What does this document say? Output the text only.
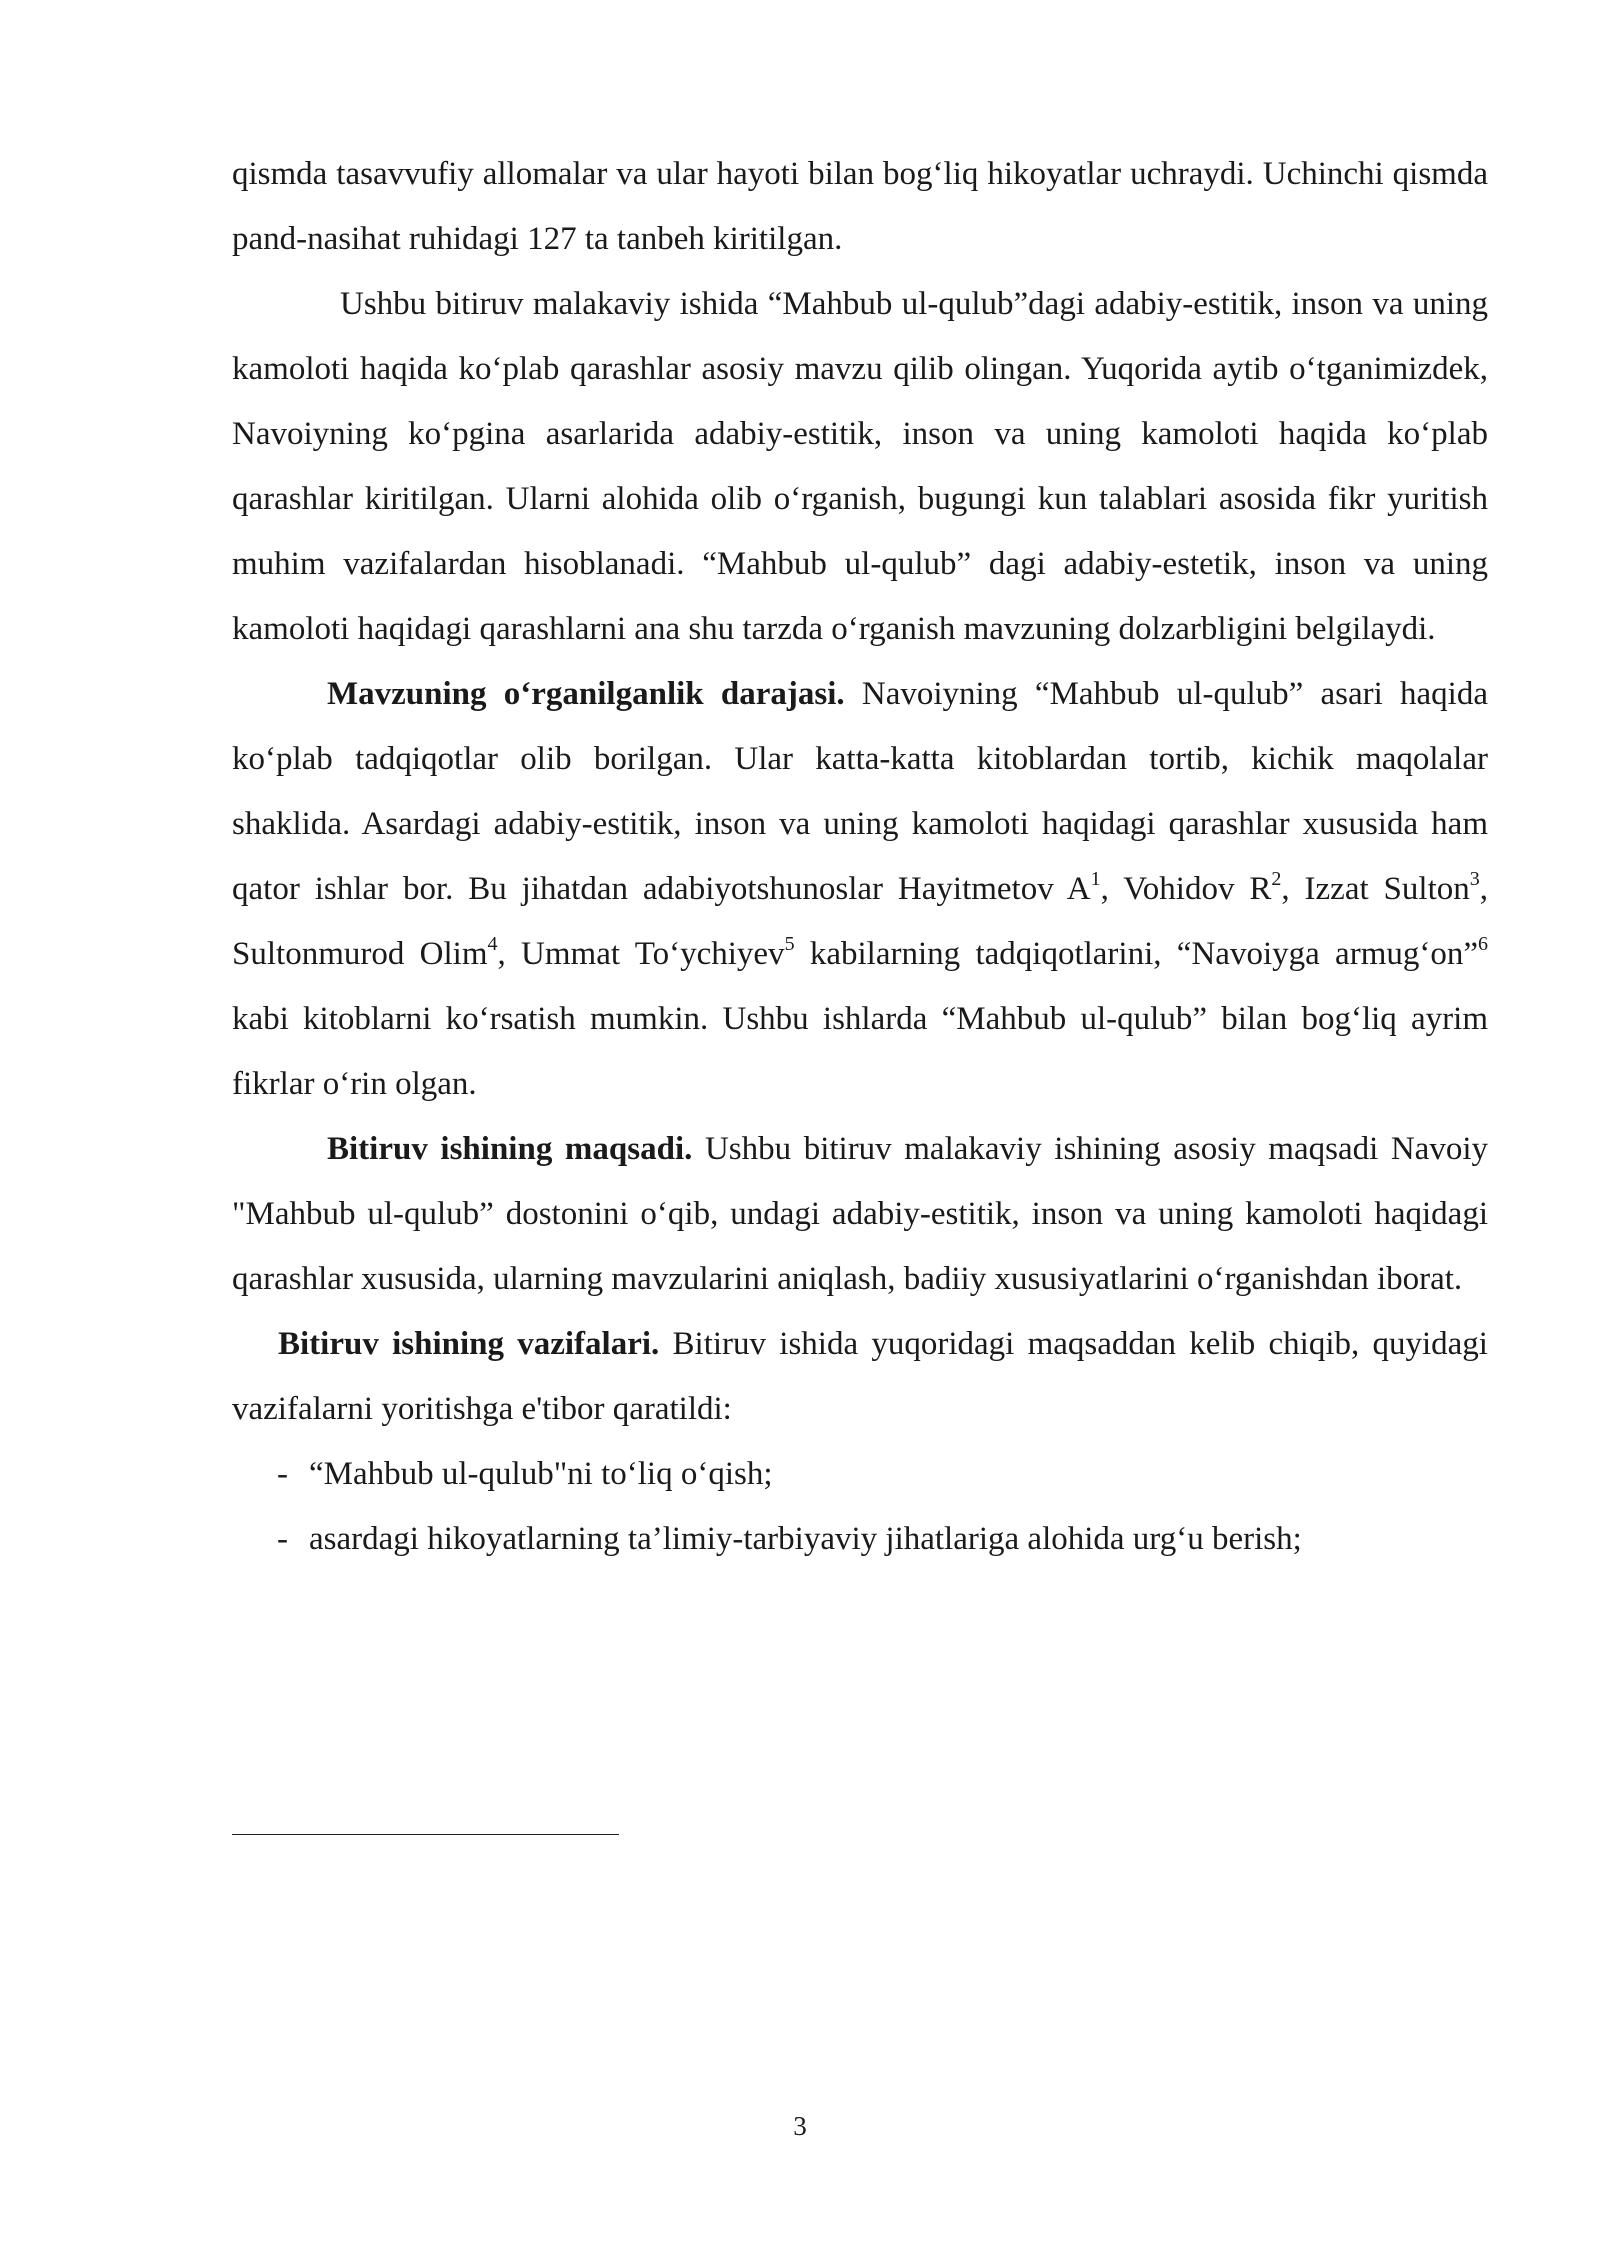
qismda tasavvufiy allomalar va ular hayoti bilan bog‘liq hikoyatlar uchraydi. Uchinchi qismda pand-nasihat ruhidagi 127 ta tanbeh kiritilgan.

Ushbu bitiruv malakaviy ishida “Mahbub ul-qulub”dagi adabiy-estitik, inson va uning kamoloti haqida ko‘plab qarashlar asosiy mavzu qilib olingan. Yuqorida aytib o‘tganimizdek, Navoiyning ko‘pgina asarlarida adabiy-estitik, inson va uning kamoloti haqida ko‘plab qarashlar kiritilgan. Ularni alohida olib o‘rganish, bugungi kun talablari asosida fikr yuritish muhim vazifalardan hisoblanadi. “Mahbub ul-qulub” dagi adabiy-estetik, inson va uning kamoloti haqidagi qarashlarni ana shu tarzda o‘rganish mavzuning dolzarbligini belgilaydi.

Mavzuning o‘rganilganlik darajasi. Navoiyning “Mahbub ul-qulub” asari haqida ko‘plab tadqiqotlar olib borilgan. Ular katta-katta kitoblardan tortib, kichik maqolalar shaklida. Asardagi adabiy-estitik, inson va uning kamoloti haqidagi qarashlar xususida ham qator ishlar bor. Bu jihatdan adabiyotshunoslar Hayitmetov $A^1$, Vohidov $R^2$, Izzat Sulton$^3$, Sultonmurod Olim$^4$, Ummat To‘ychiyev$^5$ kabilarning tadqiqotlarini, “Navoiyga armug‘on”$^6$ kabi kitoblarni ko‘rsatish mumkin. Ushbu ishlarda “Mahbub ul-qulub” bilan bog‘liq ayrim fikrlar o‘rin olgan.

Bitiruv ishining maqsadi. Ushbu bitiruv malakaviy ishining asosiy maqsadi Navoiy "Mahbub ul-qulub” dostonini o‘qib, undagi adabiy-estitik, inson va uning kamoloti haqidagi qarashlar xususida, ularning mavzularini aniqlash, badiiy xususiyatlarini o‘rganishdan iborat.

Bitiruv ishining vazifalari. Bitiruv ishida yuqoridagi maqsaddan kelib chiqib, quyidagi vazifalarni yoritishga e'tibor qaratildi:

- “Mahbub ul-qulub"ni to‘liq o‘qish;

- asardagi hikoyatlarning ta’limiy-tarbiyaviy jihatlariga alohida urg‘u berish;

3
